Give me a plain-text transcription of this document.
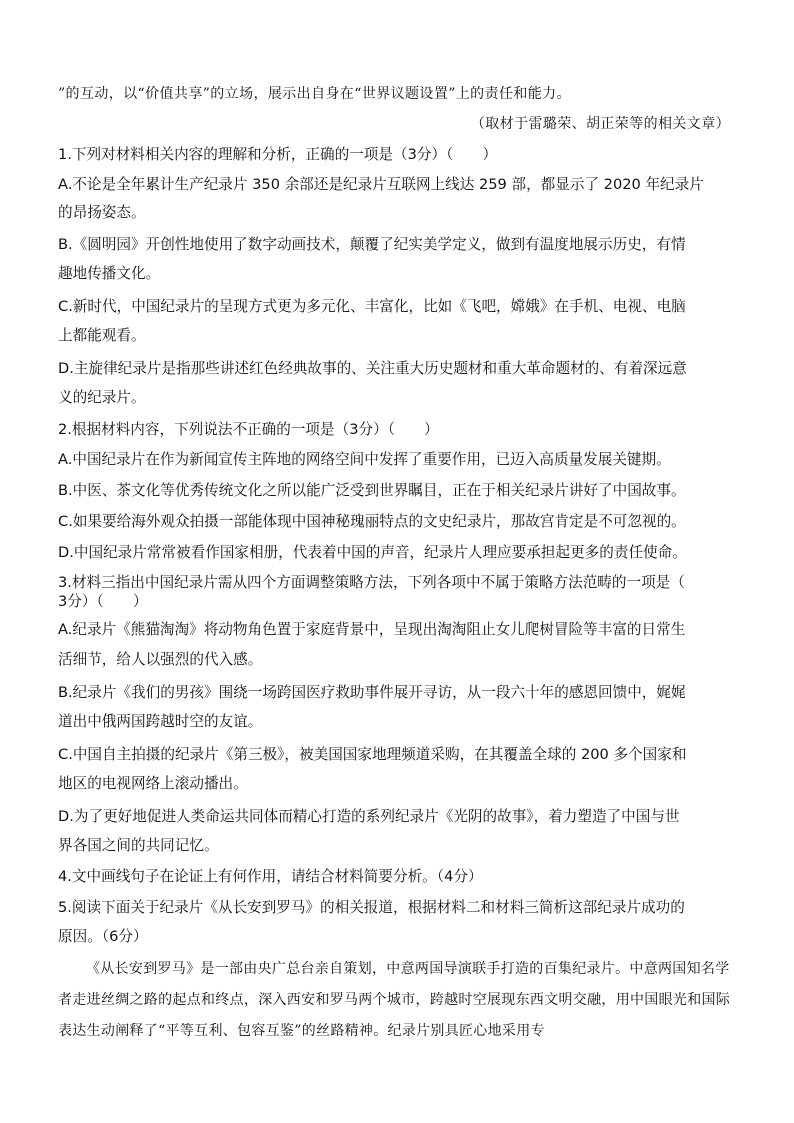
”的互动，以“价值共享”的立场，展示出自身在“世界议题设置”上的责任和能力。
（取材于雷璐荣、胡正荣等的相关文章）
1.下列对材料相关内容的理解和分析，正确的一项是（3分）（　　）
A.不论是全年累计生产纪录片 350 余部还是纪录片互联网上线达 259 部，都显示了 2020 年纪录片
的昂扬姿态。
B.《圆明园》开创性地使用了数字动画技术，颠覆了纪实美学定义，做到有温度地展示历史，有情
趣地传播文化。
C.新时代，中国纪录片的呈现方式更为多元化、丰富化，比如《飞吧，嫦娥》在手机、电视、电脑
上都能观看。
D.主旋律纪录片是指那些讲述红色经典故事的、关注重大历史题材和重大革命题材的、有着深远意
义的纪录片。
2.根据材料内容，下列说法不正确的一项是（3分）（　　）
A.中国纪录片在作为新闻宣传主阵地的网络空间中发挥了重要作用，已迈入高质量发展关键期。
B.中医、茶文化等优秀传统文化之所以能广泛受到世界瞩目，正在于相关纪录片讲好了中国故事。
C.如果要给海外观众拍摄一部能体现中国神秘瑰丽特点的文史纪录片，那故宫肯定是不可忽视的。
D.中国纪录片常常被看作国家相册，代表着中国的声音，纪录片人理应要承担起更多的责任使命。
3.材料三指出中国纪录片需从四个方面调整策略方法，下列各项中不属于策略方法范畴的一项是（
3分）（　　）
A.纪录片《熊猫淘淘》将动物角色置于家庭背景中，呈现出淘淘阻止女儿爬树冒险等丰富的日常生
活细节，给人以强烈的代入感。
B.纪录片《我们的男孩》围绕一场跨国医疗救助事件展开寻访，从一段六十年的感恩回馈中，娓娓
道出中俄两国跨越时空的友谊。
C.中国自主拍摄的纪录片《第三极》，被美国国家地理频道采购，在其覆盖全球的 200 多个国家和
地区的电视网络上滚动播出。
D.为了更好地促进人类命运共同体而精心打造的系列纪录片《光阴的故事》，着力塑造了中国与世
界各国之间的共同记忆。
4.文中画线句子在论证上有何作用，请结合材料简要分析。（4分）
5.阅读下面关于纪录片《从长安到罗马》的相关报道，根据材料二和材料三简析这部纪录片成功的
原因。（6分）
《从长安到罗马》是一部由央广总台亲自策划，中意两国导演联手打造的百集纪录片。中意两国知名学者走进丝绸之路的起点和终点，深入西安和罗马两个城市，跨越时空展现东西文明交融，用中国眼光和国际表达生动阐释了“平等互利、包容互鉴”的丝路精神。纪录片别具匠心地采用专
